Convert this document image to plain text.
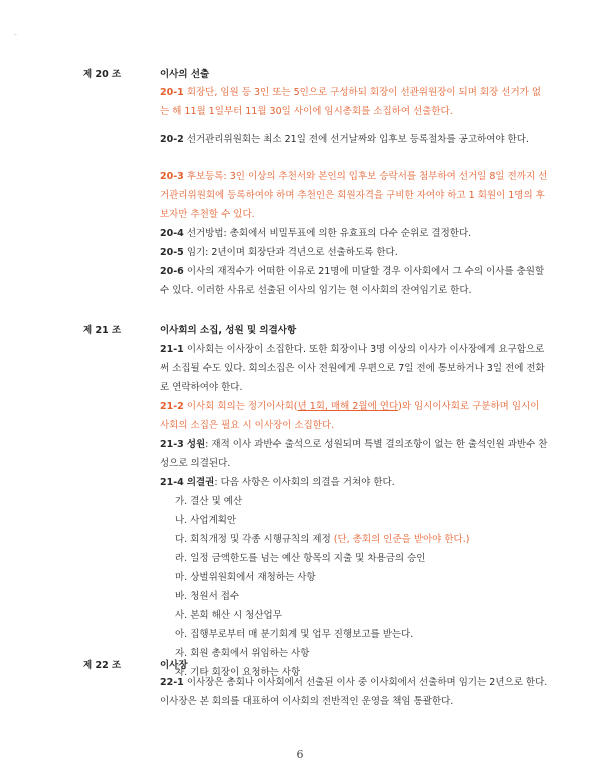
-
제 20 조	이사의 선출
20-1 회장단, 임원 등 3인 또는 5인으로 구성하되 회장이 선관위원장이 되며 회장 선거가 없는 해 11월 1일부터 11월 30일 사이에 임시총회를 소집하여 선출한다.
20-2 선거관리위원회는 최소 21일 전에 선거날짜와 입후보 등록절차를 공고하여야 한다.
20-3 후보등록: 3인 이상의 추천서와 본인의 입후보 승락서를 첨부하여 선거일 8일 전까지 선거관리위원회에 등록하여야 하며 추천인은 회원자격을 구비한 자여야 하고 1 회원이 1명의 후보자만 추천할 수 있다.
20-4 선거방법: 총회에서 비밀투표에 의한 유효표의 다수 순위로 결정한다.
20-5 임기: 2년이며 회장단과 격년으로 선출하도록 한다.
20-6 이사의 재적수가 어떠한 이유로 21명에 미달할 경우 이사회에서 그 수의 이사를 충원할 수 있다. 이러한 사유로 선출된 이사의 임기는 현 이사회의 잔여임기로 한다.
제 21 조	이사회의 소집, 성원 및 의결사항
21-1 이사회는 이사장이 소집한다. 또한 회장이나 3명 이상의 이사가 이사장에게 요구함으로써 소집될 수도 있다. 회의소집은 이사 전원에게 우편으로 7일 전에 통보하거나 3일 전에 전화로 연락하여야 한다.
21-2 이사회 회의는 정기이사회(년 1회, 매해 2월에 연다)와 임시이사회로 구분하며 임시이사회의 소집은 필요 시 이사장이 소집한다.
21-3 성원: 재적 이사 과반수 출석으로 성원되며 특별 결의조항이 없는 한 출석인원 과반수 찬성으로 의결된다.
21-4 의결권: 다음 사항은 이사회의 의결을 거쳐야 한다.
가. 결산 및 예산
나. 사업계획안
다. 회칙개정 및 각종 시행규칙의 제정 (단, 총회의 인준을 받아야 한다.)
라. 일정 금액한도를 넘는 예산 항목의 지출 및 차용금의 승인
마. 상벌위원회에서 재청하는 사항
바. 청원서 접수
사. 본회 해산 시 청산업무
아. 집행부로부터 매 분기회계 및 업무 진행보고를 받는다.
자. 회원 총회에서 위임하는 사항
차. 기타 회장이 요청하는 사항
제 22 조	이사장
22-1 이사장은 총회나 이사회에서 선출된 이사 중 이사회에서 선출하며 임기는 2년으로 한다. 이사장은 본 회의를 대표하여 이사회의 전반적인 운영을 책임 통괄한다.
6
